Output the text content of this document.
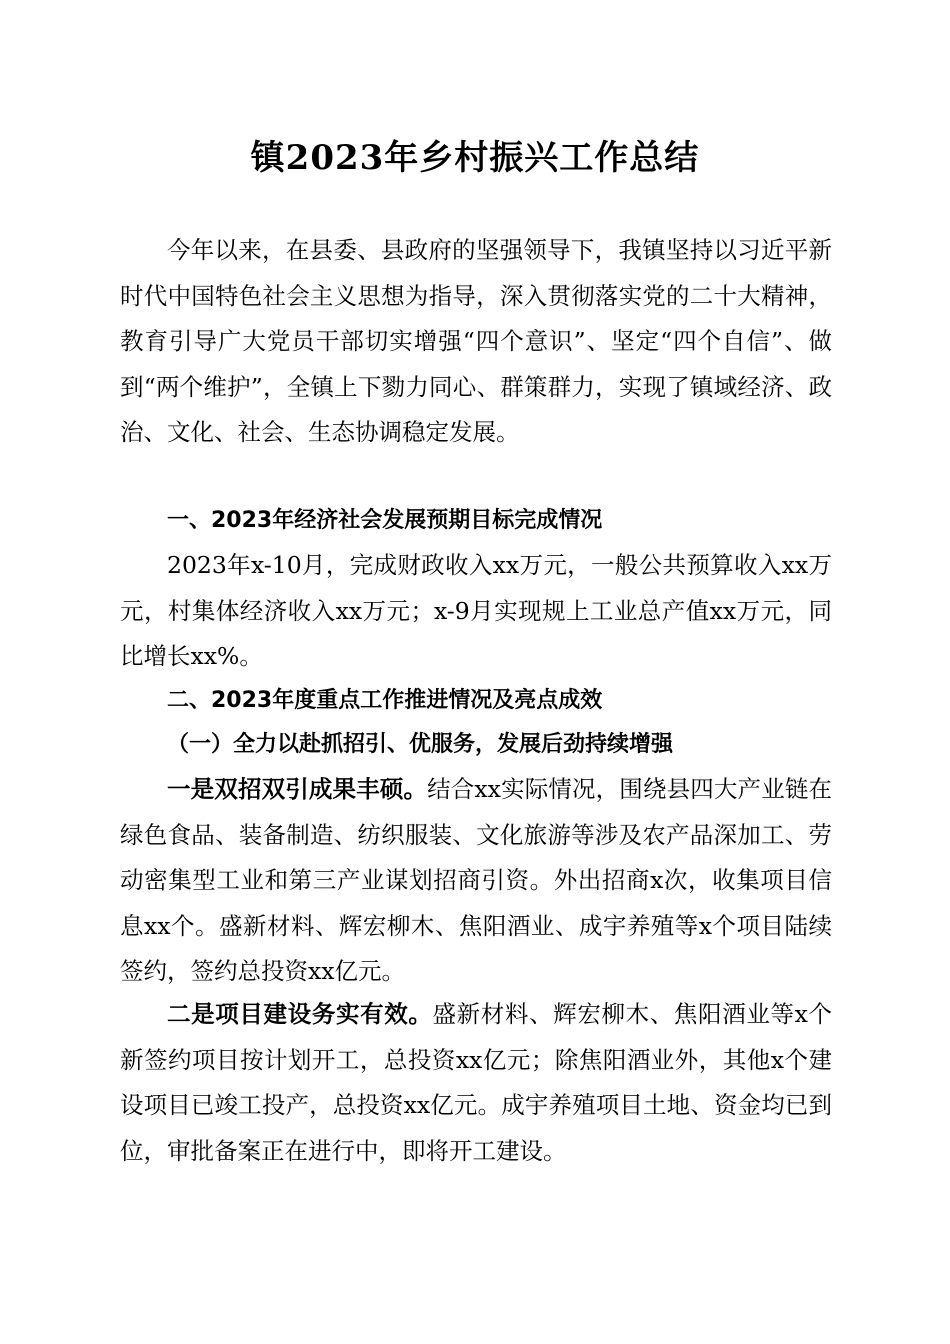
镇2023年乡村振兴工作总结

今年以来，在县委、县政府的坚强领导下，我镇坚持以习近平新时代中国特色社会主义思想为指导，深入贯彻落实党的二十大精神，教育引导广大党员干部切实增强“四个意识”、坚定“四个自信”、做到“两个维护”，全镇上下勠力同心、群策群力，实现了镇域经济、政治、文化、社会、生态协调稳定发展。

一、2023年经济社会发展预期目标完成情况

2023年x-10月，完成财政收入xx万元，一般公共预算收入xx万元，村集体经济收入xx万元；x-9月实现规上工业总产值xx万元，同比增长xx%。

二、2023年度重点工作推进情况及亮点成效

（一）全力以赴抓招引、优服务，发展后劲持续增强

一是双招双引成果丰硕。结合xx实际情况，围绕县四大产业链在绿色食品、装备制造、纺织服装、文化旅游等涉及农产品深加工、劳动密集型工业和第三产业谋划招商引资。外出招商x次，收集项目信息xx个。盛新材料、辉宏柳木、焦阳酒业、成宇养殖等x个项目陆续签约，签约总投资xx亿元。

二是项目建设务实有效。盛新材料、辉宏柳木、焦阳酒业等x个新签约项目按计划开工，总投资xx亿元；除焦阳酒业外，其他x个建设项目已竣工投产，总投资xx亿元。成宇养殖项目土地、资金均已到位，审批备案正在进行中，即将开工建设。
